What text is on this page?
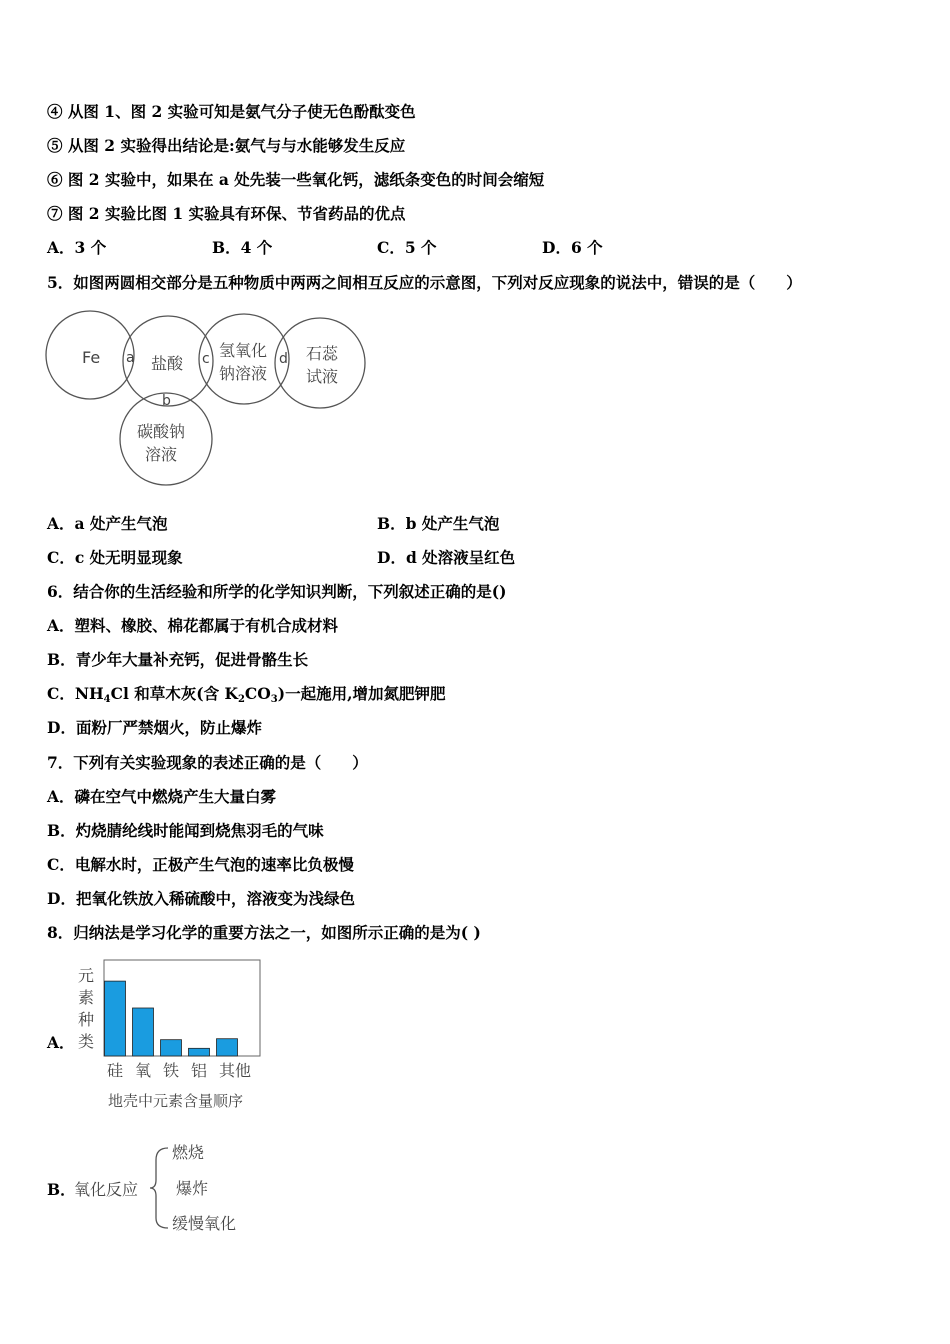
④ 从图 1、图 2 实验可知是氨气分子使无色酚酞变色
⑤ 从图 2 实验得出结论是:氨气与与水能够发生反应
⑥ 图 2 实验中，如果在 a 处先装一些氧化钙，滤纸条变色的时间会缩短
⑦ 图 2 实验比图 1 实验具有环保、节省药品的优点
A．3 个	B．4 个	C．5 个	D．6 个
5．如图两圆相交部分是五种物质中两两之间相互反应的示意图，下列对反应现象的说法中，错误的是（　　）
Fe	盐酸
氢氧化
钠溶液
石蕊
试液
碳酸钠
溶液
a
b
c	d
A．a 处产生气泡	B．b 处产生气泡
C．c 处无明显现象	D．d 处溶液呈红色
6．结合你的生活经验和所学的化学知识判断，下列叙述正确的是()
A．塑料、橡胶、棉花都属于有机合成材料
B．青少年大量补充钙，促进骨骼生长
C．$NH_4Cl$ 和草木灰(含 $K_2CO_3$)一起施用,增加氮肥钾肥
D．面粉厂严禁烟火，防止爆炸
7．下列有关实验现象的表述正确的是（　　）
A．磷在空气中燃烧产生大量白雾
B．灼烧腈纶线时能闻到烧焦羽毛的气味
C．电解水时，正极产生气泡的速率比负极慢
D．把氧化铁放入稀硫酸中，溶液变为浅绿色
8．归纳法是学习化学的重要方法之一，如图所示正确的是为( )
A．
元
素
种
类
硅 氧 铁 铝 其他
地壳中元素含量顺序
B．
氧化反应
燃烧
爆炸
缓慢氧化
